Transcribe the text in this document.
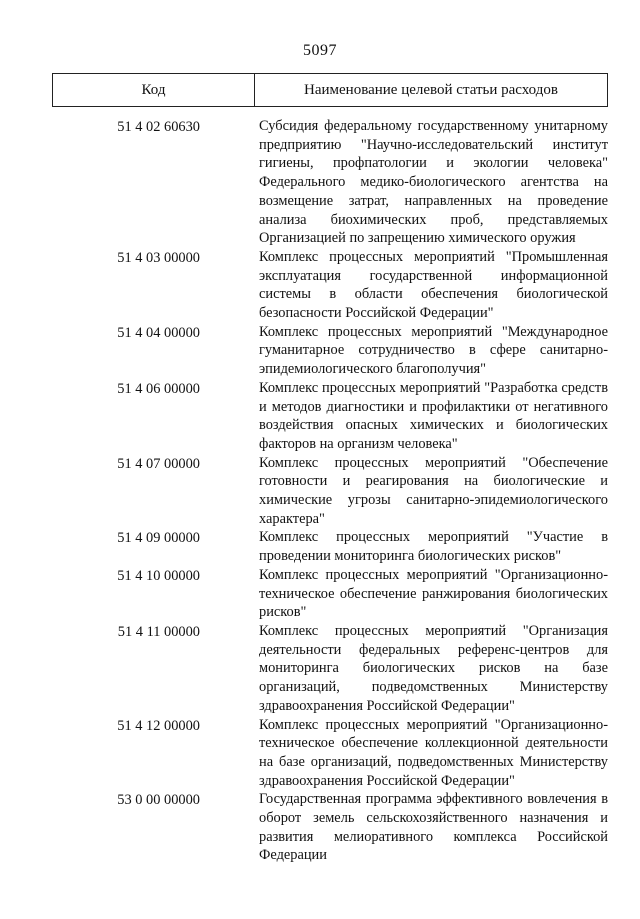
5097
Код	Наименование целевой статьи расходов
51 4 02 60630	Субсидия федеральному государственному унитарному предприятию "Научно-исследовательский институт гигиены, профпатологии и экологии человека" Федерального медико-биологического агентства на возмещение затрат, направленных на проведение анализа биохимических проб, представляемых Организацией по запрещению химического оружия
51 4 03 00000	Комплекс процессных мероприятий "Промышленная эксплуатация государственной информационной системы в области обеспечения биологической безопасности Российской Федерации"
51 4 04 00000	Комплекс процессных мероприятий "Международное гуманитарное сотрудничество в сфере санитарно-эпидемиологического благополучия"
51 4 06 00000	Комплекс процессных мероприятий "Разработка средств и методов диагностики и профилактики от негативного воздействия опасных химических и биологических факторов на организм человека"
51 4 07 00000	Комплекс процессных мероприятий "Обеспечение готовности и реагирования на биологические и химические угрозы санитарно-эпидемиологического характера"
51 4 09 00000	Комплекс процессных мероприятий "Участие в проведении мониторинга биологических рисков"
51 4 10 00000	Комплекс процессных мероприятий "Организационно-техническое обеспечение ранжирования биологических рисков"
51 4 11 00000	Комплекс процессных мероприятий "Организация деятельности федеральных референс-центров для мониторинга биологических рисков на базе организаций, подведомственных Министерству здравоохранения Российской Федерации"
51 4 12 00000	Комплекс процессных мероприятий "Организационно-техническое обеспечение коллекционной деятельности на базе организаций, подведомственных Министерству здравоохранения Российской Федерации"
53 0 00 00000	Государственная программа эффективного вовлечения в оборот земель сельскохозяйственного назначения и развития мелиоративного комплекса Российской Федерации
